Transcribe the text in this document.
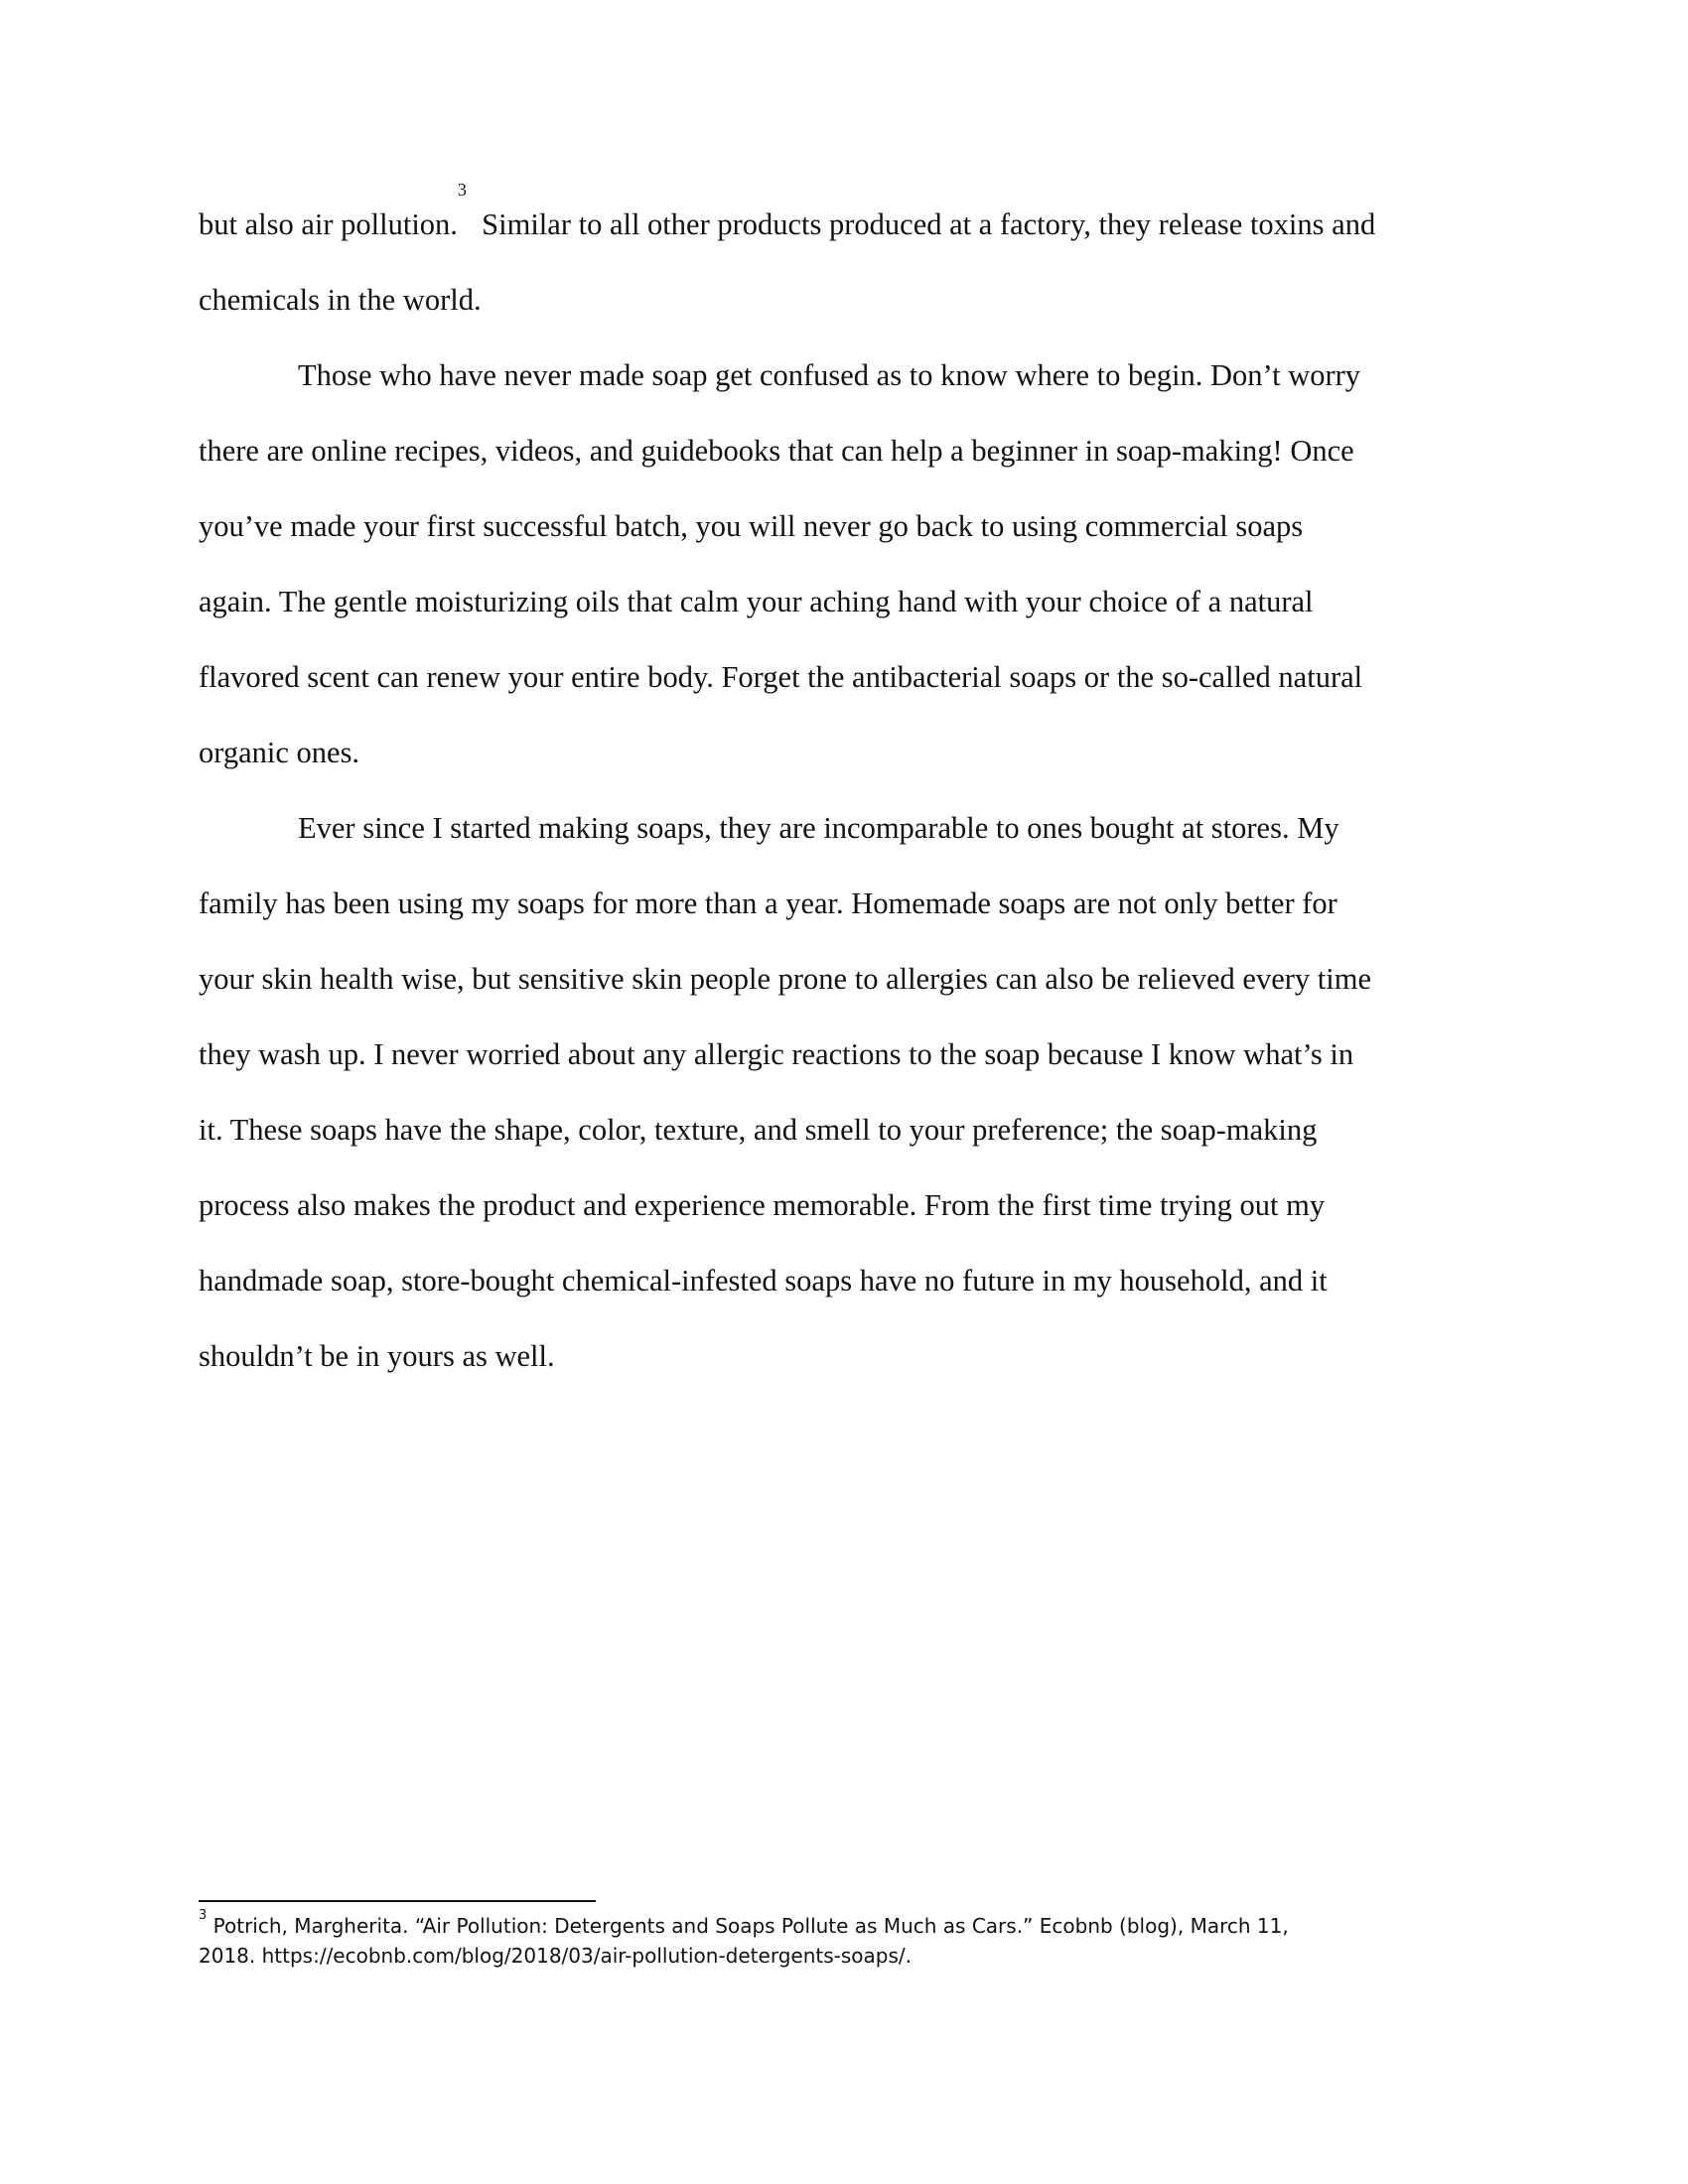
but also air pollution.$^3$  Similar to all other products produced at a factory, they release toxins and
chemicals in the world.
Those who have never made soap get confused as to know where to begin. Don’t worry
there are online recipes, videos, and guidebooks that can help a beginner in soap-making! Once
you’ve made your first successful batch, you will never go back to using commercial soaps
again. The gentle moisturizing oils that calm your aching hand with your choice of a natural
flavored scent can renew your entire body. Forget the antibacterial soaps or the so-called natural
organic ones.
Ever since I started making soaps, they are incomparable to ones bought at stores. My
family has been using my soaps for more than a year. Homemade soaps are not only better for
your skin health wise, but sensitive skin people prone to allergies can also be relieved every time
they wash up. I never worried about any allergic reactions to the soap because I know what’s in
it. These soaps have the shape, color, texture, and smell to your preference; the soap-making
process also makes the product and experience memorable. From the first time trying out my
handmade soap, store-bought chemical-infested soaps have no future in my household, and it
shouldn’t be in yours as well.
$^3$ Potrich, Margherita. “Air Pollution: Detergents and Soaps Pollute as Much as Cars.” Ecobnb (blog), March 11,
2018. https://ecobnb.com/blog/2018/03/air-pollution-detergents-soaps/.
